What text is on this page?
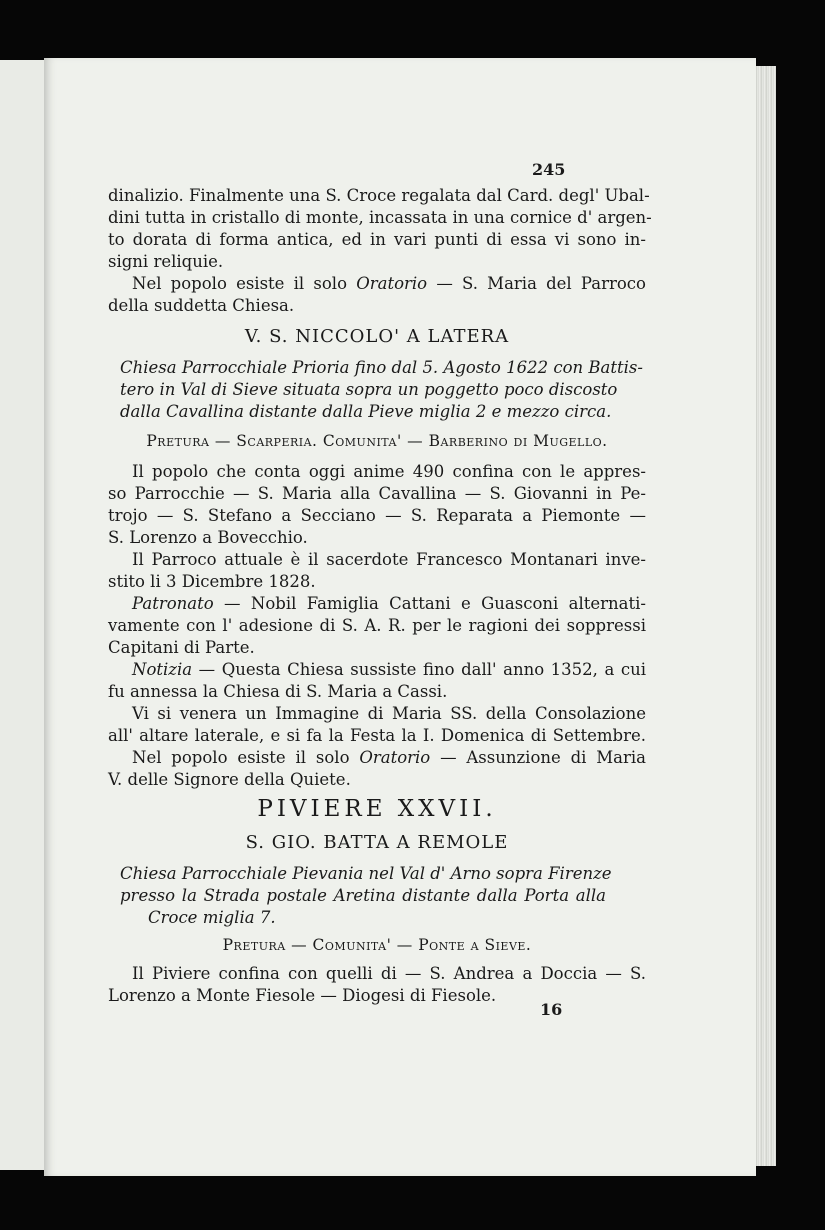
245
dinalizio. Finalmente una S. Croce regalata dal Card. degl' Ubal-
dini tutta in cristallo di monte, incassata in una cornice d' argen-
to dorata di forma antica, ed in vari punti di essa vi sono in-
signi reliquie.
Nel popolo esiste il solo Oratorio — S. Maria del Parroco
della suddetta Chiesa.
V. S. NICCOLO' A LATERA
Chiesa Parrocchiale Prioria fino dal 5. Agosto 1622 con Battis-
tero in Val di Sieve situata sopra un poggetto poco discosto
dalla Cavallina distante dalla Pieve miglia 2 e mezzo circa.
Pretura — Scarperia. Comunita' — Barberino di Mugello.
Il popolo che conta oggi anime 490 confina con le appres-
so Parrocchie — S. Maria alla Cavallina — S. Giovanni in Pe-
trojo — S. Stefano a Secciano — S. Reparata a Piemonte —
S. Lorenzo a Bovecchio.
Il Parroco attuale è il sacerdote Francesco Montanari inve-
stito li 3 Dicembre 1828.
Patronato — Nobil Famiglia Cattani e Guasconi alternati-
vamente con l' adesione di S. A. R. per le ragioni dei soppressi
Capitani di Parte.
Notizia — Questa Chiesa sussiste fino dall' anno 1352, a cui
fu annessa la Chiesa di S. Maria a Cassi.
Vi si venera un Immagine di Maria SS. della Consolazione
all' altare laterale, e si fa la Festa la I. Domenica di Settembre.
Nel popolo esiste il solo Oratorio — Assunzione di Maria
V. delle Signore della Quiete.
PIVIERE XXVII.
S. GIO. BATTA A REMOLE
Chiesa Parrocchiale Pievania nel Val d' Arno sopra Firenze
presso la Strada postale Aretina distante dalla Porta alla
Croce miglia 7.
Pretura — Comunita' — Ponte a Sieve.
Il Piviere confina con quelli di — S. Andrea a Doccia — S.
Lorenzo a Monte Fiesole — Diogesi di Fiesole.
16
